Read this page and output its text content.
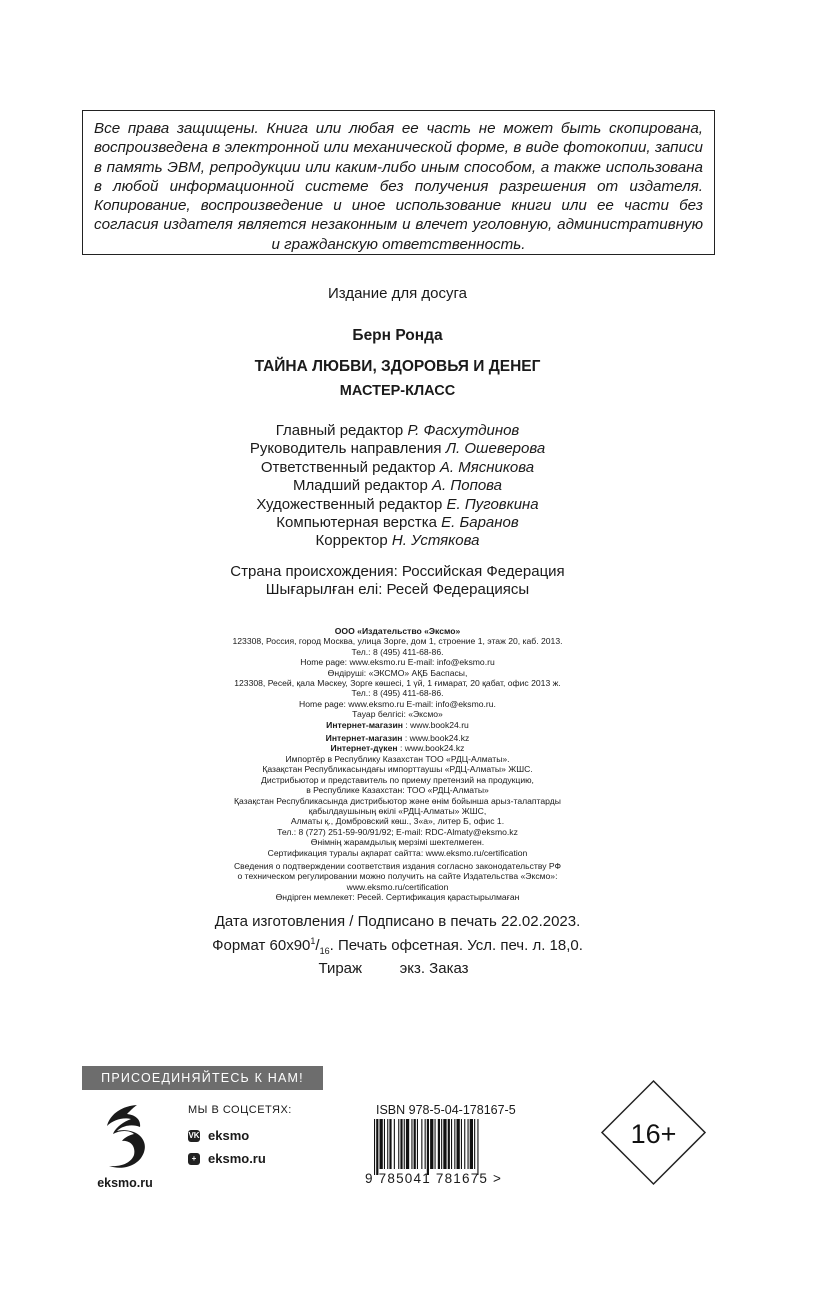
Все права защищены. Книга или любая ее часть не может быть скопирована, воспроизведена в электронной или механической форме, в виде фотокопии, записи в память ЭВМ, репродукции или каким-либо иным способом, а также использована в любой информационной системе без получения разрешения от издателя. Копирование, воспроизведение и иное использование книги или ее части без согласия издателя является незаконным и влечет уголовную, административную и гражданскую ответственность.
Издание для досуга
Берн Ронда
ТАЙНА ЛЮБВИ, ЗДОРОВЬЯ И ДЕНЕГ
МАСТЕР-КЛАСС
Главный редактор Р. Фасхутдинов
Руководитель направления Л. Ошеверова
Ответственный редактор А. Мясникова
Младший редактор А. Попова
Художественный редактор Е. Пуговкина
Компьютерная верстка Е. Баранов
Корректор Н. Устякова
Страна происхождения: Российская Федерация
Шығарылған елі: Ресей Федерациясы
ООО «Издательство «Эксмо»
123308, Россия, город Москва, улица Зорге, дом 1, строение 1, этаж 20, каб. 2013.
Тел.: 8 (495) 411-68-86.
Home page: www.eksmo.ru E-mail: info@eksmo.ru
Өндіруші: «ЭКСМО» АҚБ Баспасы,
123308, Ресей, қала Мәскеу, Зорге көшесі, 1 үй, 1 ғимарат, 20 қабат, офис 2013 ж.
Тел.: 8 (495) 411-68-86.
Home page: www.eksmo.ru E-mail: info@eksmo.ru.
Тауар белгісі: «Эксмо»
Интернет-магазин : www.book24.ru
Интернет-магазин : www.book24.kz
Интернет-дүкен : www.book24.kz
Импортёр в Республику Казахстан ТОО «РДЦ-Алматы».
Қазақстан Республикасындағы импорттаушы «РДЦ-Алматы» ЖШС.
Дистрибьютор и представитель по приему претензий на продукцию,
в Республике Казахстан: ТОО «РДЦ-Алматы»
Қазақстан Республикасында дистрибьютор және өнім бойынша арыз-талаптарды
қабылдаушының өкілі «РДЦ-Алматы» ЖШС,
Алматы қ., Домбровский көш., 3«а», литер Б, офис 1.
Тел.: 8 (727) 251-59-90/91/92; E-mail: RDC-Almaty@eksmo.kz
Өнімнің жарамдылық мерзімі шектелмеген.
Сертификация туралы ақпарат сайтта: www.eksmo.ru/certification
Сведения о подтверждении соответствия издания согласно законодательству РФ
о техническом регулировании можно получить на сайте Издательства «Эксмо»:
www.eksmo.ru/certification
Өндірген мемлекет: Ресей. Сертификация қарастырылмаған
Дата изготовления / Подписано в печать 22.02.2023.
Формат $60x90^1/_{16}$. Печать офсетная. Усл. печ. л. 18,0.
Тираж	экз. Заказ
ПРИСОЕДИНЯЙТЕСЬ К НАМ!
eksmo.ru
МЫ В СОЦСЕТЯХ:
VK eksmo
+ eksmo.ru
ISBN 978-5-04-178167-5
9 785041 781675 >
16+
